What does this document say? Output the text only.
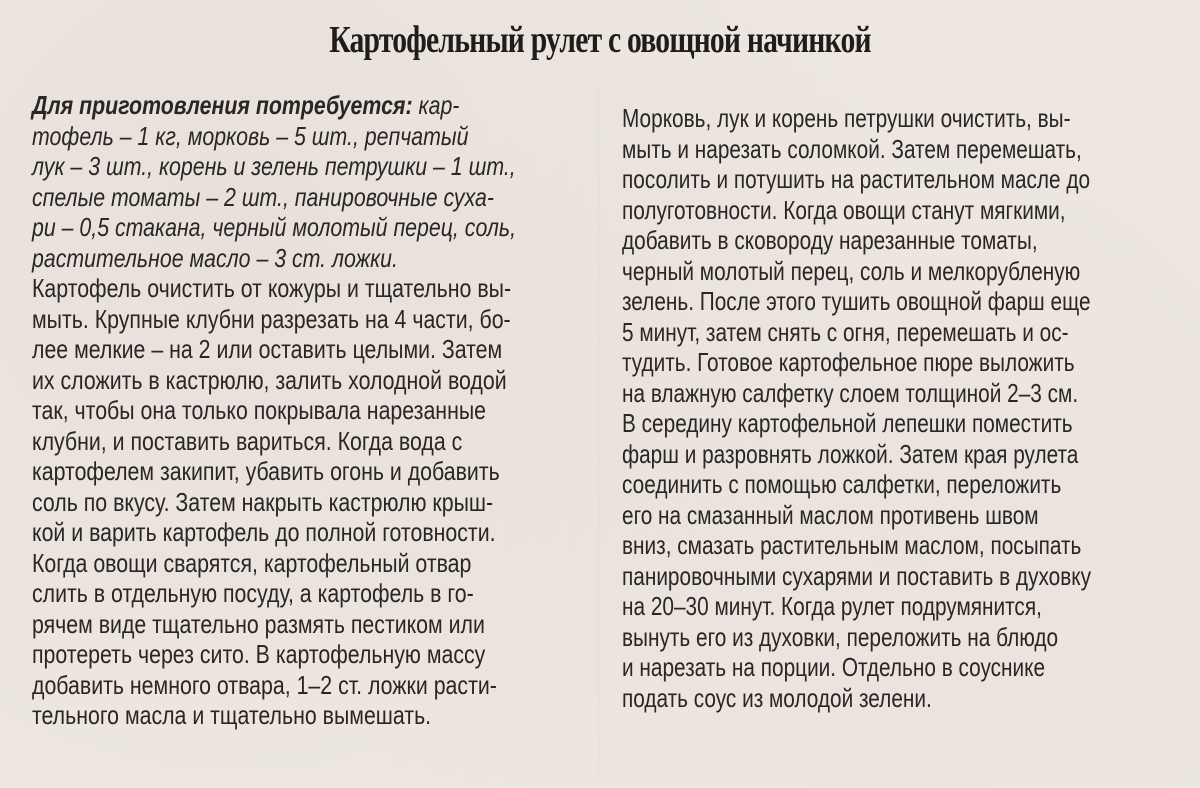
Картофельный рулет с овощной начинкой
Для приготовления потребуется: кар-
тофель – 1 кг, морковь – 5 шт., репчатый
лук – 3 шт., корень и зелень петрушки – 1 шт.,
спелые томаты – 2 шт., панировочные суха-
ри – 0,5 стакана, черный молотый перец, соль,
растительное масло – 3 ст. ложки.
Картофель очистить от кожуры и тщательно вы-
мыть. Крупные клубни разрезать на 4 части, бо-
лее мелкие – на 2 или оставить целыми. Затем
их сложить в кастрюлю, залить холодной водой
так, чтобы она только покрывала нарезанные
клубни, и поставить вариться. Когда вода с
картофелем закипит, убавить огонь и добавить
соль по вкусу. Затем накрыть кастрюлю крыш-
кой и варить картофель до полной готовности.
Когда овощи сварятся, картофельный отвар
слить в отдельную посуду, а картофель в го-
рячем виде тщательно размять пестиком или
протереть через сито. В картофельную массу
добавить немного отвара, 1–2 ст. ложки расти-
тельного масла и тщательно вымешать.
Морковь, лук и корень петрушки очистить, вы-
мыть и нарезать соломкой. Затем перемешать,
посолить и потушить на растительном масле до
полуготовности. Когда овощи станут мягкими,
добавить в сковороду нарезанные томаты,
черный молотый перец, соль и мелкорубленую
зелень. После этого тушить овощной фарш еще
5 минут, затем снять с огня, перемешать и ос-
тудить. Готовое картофельное пюре выложить
на влажную салфетку слоем толщиной 2–3 см.
В середину картофельной лепешки поместить
фарш и разровнять ложкой. Затем края рулета
соединить с помощью салфетки, переложить
его на смазанный маслом противень швом
вниз, смазать растительным маслом, посыпать
панировочными сухарями и поставить в духовку
на 20–30 минут. Когда рулет подрумянится,
вынуть его из духовки, переложить на блюдо
и нарезать на порции. Отдельно в соуснике
подать соус из молодой зелени.
